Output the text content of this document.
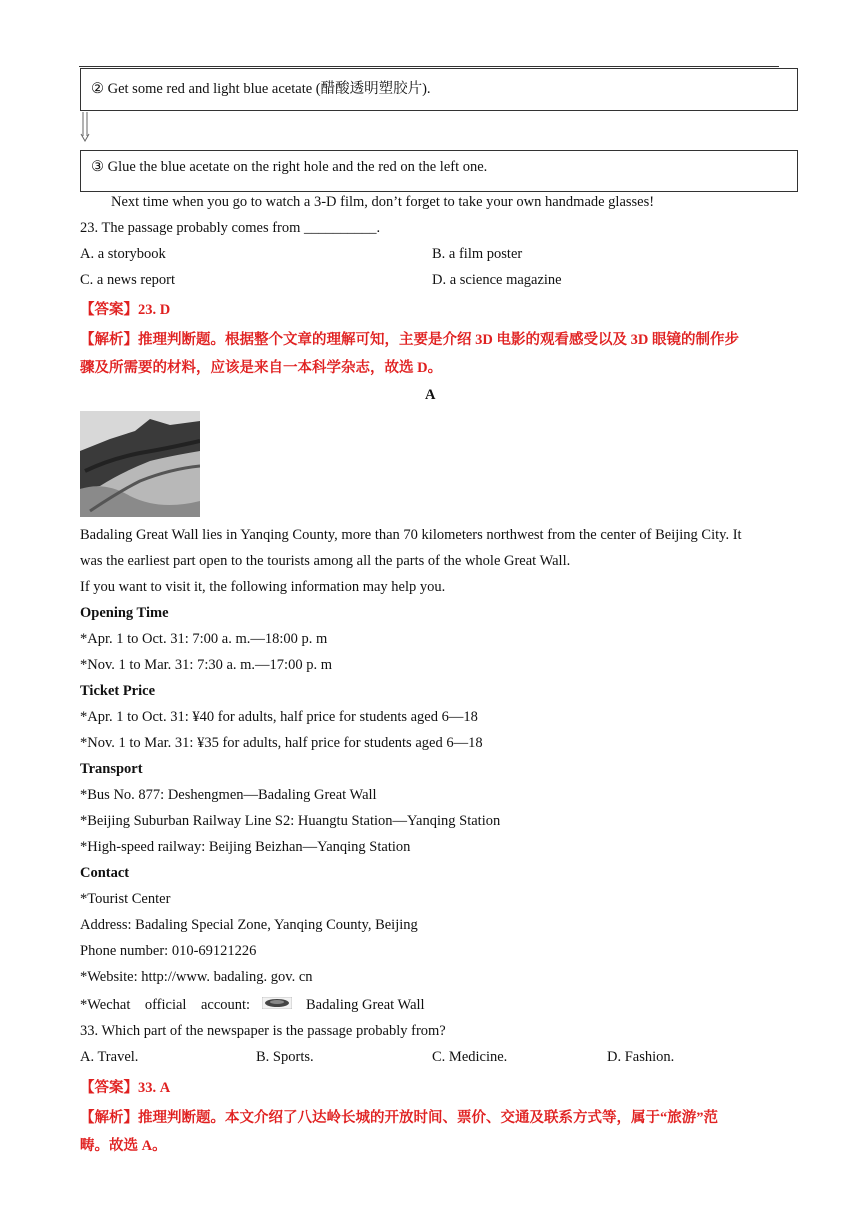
② Get some red and light blue acetate (醋酸透明塑胶片).
③ Glue the blue acetate on the right hole and the red on the left one.
Next time when you go to watch a 3-D film, don’t forget to take your own handmade glasses!
23. The passage probably comes from __________.
A. a storybook	B. a film poster
C. a news report	D. a science magazine
【答案】23. D
【解析】推理判断题。根据整个文章的理解可知，主要是介绍 3D 电影的观看感受以及 3D 眼镜的制作步
骤及所需要的材料，应该是来自一本科学杂志，故选 D。
A
Badaling Great Wall lies in Yanqing County, more than 70 kilometers northwest from the center of Beijing City. It
was the earliest part open to the tourists among all the parts of the whole Great Wall.
If you want to visit it, the following information may help you.
Opening Time
*Apr. 1 to Oct. 31: 7:00 a. m.—18:00 p. m
*Nov. 1 to Mar. 31: 7:30 a. m.—17:00 p. m
Ticket Price
*Apr. 1 to Oct. 31: ¥40 for adults, half price for students aged 6—18
*Nov. 1 to Mar. 31: ¥35 for adults, half price for students aged 6—18
Transport
*Bus No. 877: Deshengmen—Badaling Great Wall
*Beijing Suburban Railway Line S2: Huangtu Station—Yanqing Station
*High-speed railway: Beijing Beizhan—Yanqing Station
Contact
*Tourist Center
Address: Badaling Special Zone, Yanqing County, Beijing
Phone number: 010-69121226
*Website: http://www. badaling. gov. cn
*Wechat    official    account:	Badaling Great Wall
33. Which part of the newspaper is the passage probably from?
A. Travel.	B. Sports.	C. Medicine.	D. Fashion.
【答案】33. A
【解析】推理判断题。本文介绍了八达岭长城的开放时间、票价、交通及联系方式等，属于“旅游”范
畴。故选 A。
